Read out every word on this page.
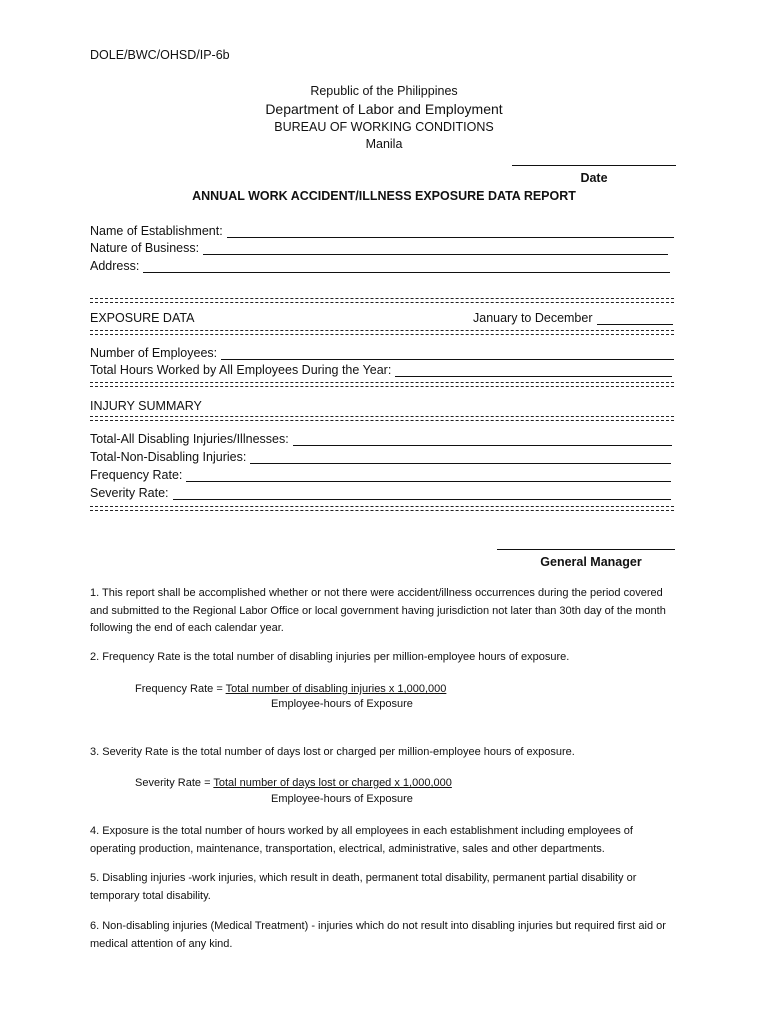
DOLE/BWC/OHSD/IP-6b
Republic of the Philippines
Department of Labor and Employment
BUREAU OF WORKING CONDITIONS
Manila
Date
ANNUAL WORK ACCIDENT/ILLNESS EXPOSURE DATA REPORT
Name of Establishment:
Nature of Business:
Address:
EXPOSURE DATA	January to December
Number of Employees:
Total Hours Worked by All Employees During the Year:
INJURY SUMMARY
Total-All Disabling Injuries/Illnesses:
Total-Non-Disabling Injuries:
Frequency Rate:
Severity Rate:
General Manager
1. This report shall be accomplished whether or not there were accident/illness occurrences during the period covered and submitted to the Regional Labor Office or local government having jurisdiction not later than 30th day of the month following the end of each calendar year.
2. Frequency Rate is the total number of disabling injuries per million-employee hours of exposure.
Frequency Rate = Total number of disabling injuries x 1,000,000
Employee-hours of Exposure
3. Severity Rate is the total number of days lost or charged per million-employee hours of exposure.
Severity Rate = Total number of days lost or charged x 1,000,000
Employee-hours of Exposure
4. Exposure is the total number of hours worked by all employees in each establishment including employees of operating production, maintenance, transportation, electrical, administrative, sales and other departments.
5. Disabling injuries -work injuries, which result in death, permanent total disability, permanent partial disability or temporary total disability.
6. Non-disabling injuries (Medical Treatment) - injuries which do not result into disabling injuries but required first aid or medical attention of any kind.
